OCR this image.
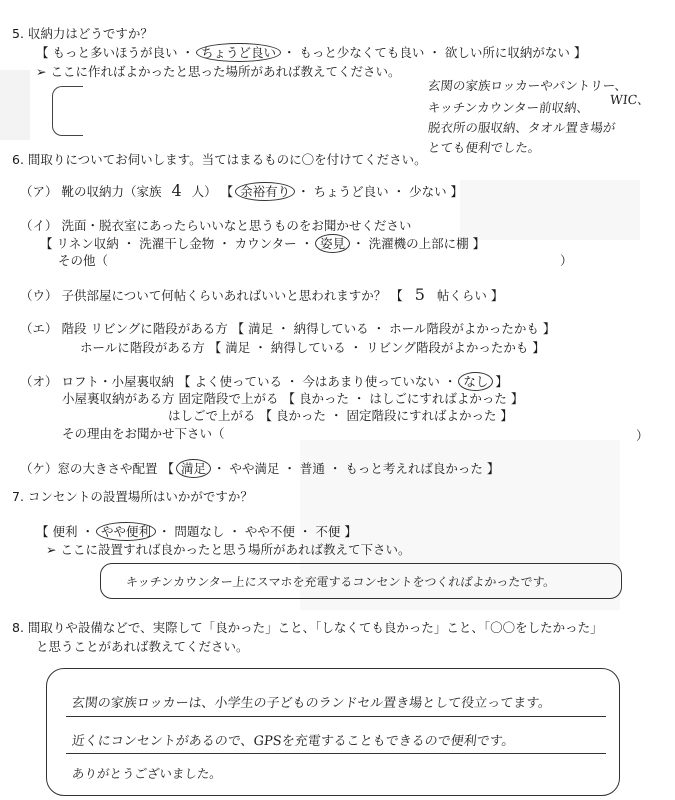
5. 収納力はどうですか？
【 もっと多いほうが良い ・ ちょうど良い ・ もっと少なくても良い ・ 欲しい所に収納がない 】
➢ ここに作ればよかったと思った場所があれば教えてください。
玄関の家族ロッカーやパントリー、
キッチンカウンター前収納、
WIC、
脱衣所の服収納、タオル置き場が
とても便利でした。
6. 間取りについてお伺いします。当てはまるものに〇を付けてください。
（ア） 靴の収納力（家族 4 人） 【 余裕有り ・ ちょうど良い ・ 少ない 】
（イ） 洗面・脱衣室にあったらいいなと思うものをお聞かせください
【 リネン収納 ・ 洗濯干し金物 ・ カウンター ・ 姿見 ・ 洗濯機の上部に棚 】
その他（	）
（ウ） 子供部屋について何帖くらいあればいいと思われますか？ 【 5 帖くらい 】
（エ） 階段 リビングに階段がある方 【 満足 ・ 納得している ・ ホール階段がよかったかも 】
ホールに階段がある方 【 満足 ・ 納得している ・ リビング階段がよかったかも 】
（オ） ロフト・小屋裏収納 【 よく使っている ・ 今はあまり使っていない ・ なし 】
小屋裏収納がある方 固定階段で上がる 【 良かった ・ はしごにすればよかった 】
はしごで上がる 【 良かった ・ 固定階段にすればよかった 】
その理由をお聞かせ下さい（	）
（ケ）窓の大きさや配置 【 満足 ・ やや満足 ・ 普通 ・ もっと考えれば良かった 】
7. コンセントの設置場所はいかがですか？
【 便利 ・ やや便利 ・ 問題なし ・ やや不便 ・ 不便 】
➢ ここに設置すれば良かったと思う場所があれば教えて下さい。
キッチンカウンター上にスマホを充電するコンセントをつくればよかったです。
8. 間取りや設備などで、実際して「良かった」こと、「しなくても良かった」こと、「〇〇をしたかった」
と思うことがあれば教えてください。
玄関の家族ロッカーは、小学生の子どものランドセル置き場として役立ってます。
近くにコンセントがあるので、GPSを充電することもできるので便利です。
ありがとうございました。
